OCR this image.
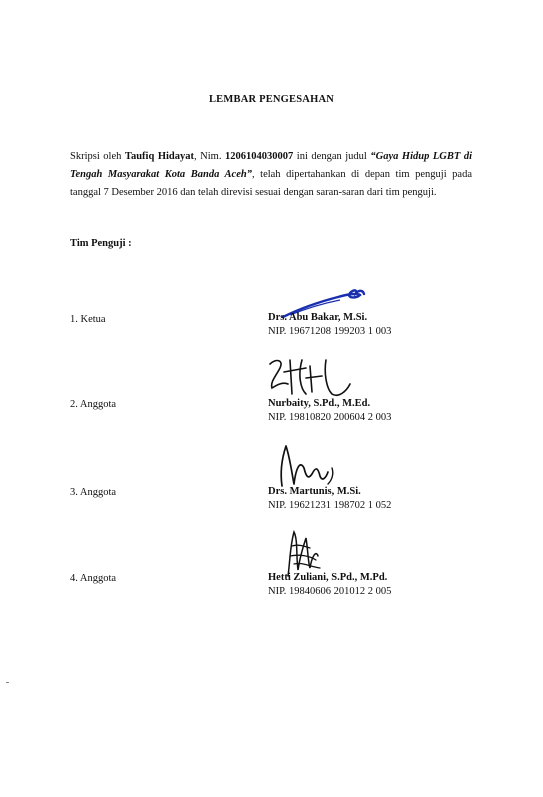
LEMBAR PENGESAHAN
Skripsi oleh Taufiq Hidayat, Nim. 1206104030007 ini dengan judul “Gaya Hidup LGBT di Tengah Masyarakat Kota Banda Aceh”, telah dipertahankan di depan tim penguji pada tanggal 7 Desember 2016 dan telah direvisi sesuai dengan saran-saran dari tim penguji.
Tim Penguji :
1. Ketua	Drs. Abu Bakar, M.Si.
NIP. 19671208 199203 1 003
2. Anggota	Nurbaity, S.Pd., M.Ed.
NIP. 19810820 200604 2 003
3. Anggota	Drs. Martunis, M.Si.
NIP. 19621231 198702 1 052
4. Anggota	Hetti Zuliani, S.Pd., M.Pd.
NIP. 19840606 201012 2 005
